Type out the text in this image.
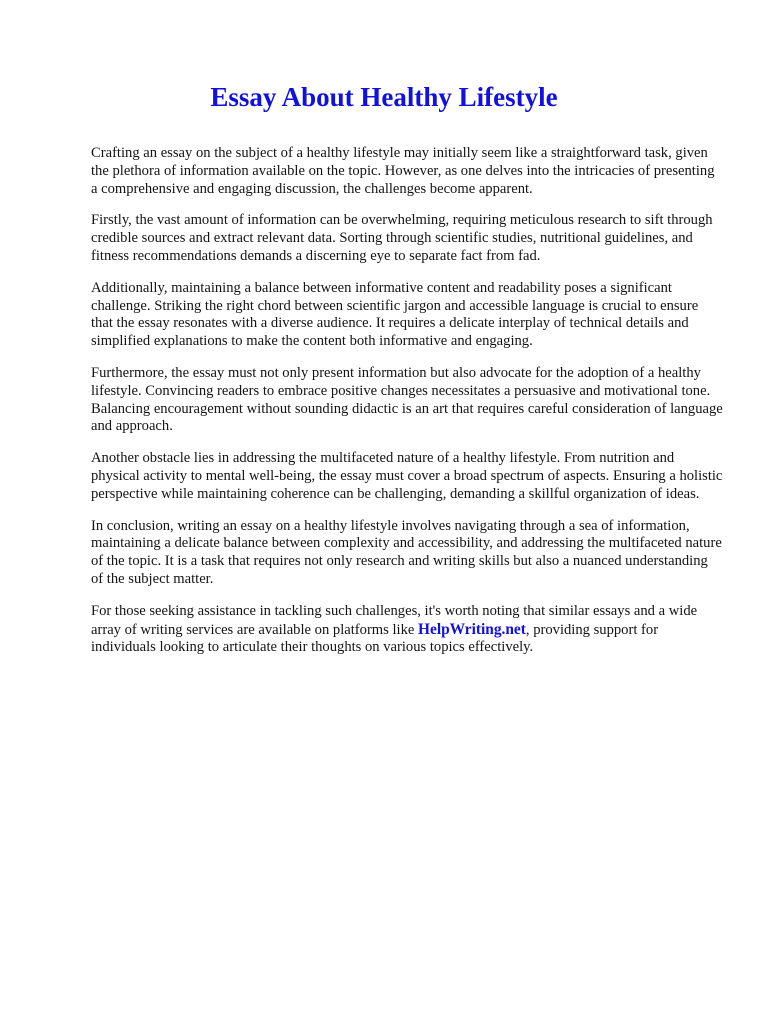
Essay About Healthy Lifestyle

Crafting an essay on the subject of a healthy lifestyle may initially seem like a straightforward task, given the plethora of information available on the topic. However, as one delves into the intricacies of presenting a comprehensive and engaging discussion, the challenges become apparent.

Firstly, the vast amount of information can be overwhelming, requiring meticulous research to sift through credible sources and extract relevant data. Sorting through scientific studies, nutritional guidelines, and fitness recommendations demands a discerning eye to separate fact from fad.

Additionally, maintaining a balance between informative content and readability poses a significant challenge. Striking the right chord between scientific jargon and accessible language is crucial to ensure that the essay resonates with a diverse audience. It requires a delicate interplay of technical details and simplified explanations to make the content both informative and engaging.

Furthermore, the essay must not only present information but also advocate for the adoption of a healthy lifestyle. Convincing readers to embrace positive changes necessitates a persuasive and motivational tone. Balancing encouragement without sounding didactic is an art that requires careful consideration of language and approach.

Another obstacle lies in addressing the multifaceted nature of a healthy lifestyle. From nutrition and physical activity to mental well-being, the essay must cover a broad spectrum of aspects. Ensuring a holistic perspective while maintaining coherence can be challenging, demanding a skillful organization of ideas.

In conclusion, writing an essay on a healthy lifestyle involves navigating through a sea of information, maintaining a delicate balance between complexity and accessibility, and addressing the multifaceted nature of the topic. It is a task that requires not only research and writing skills but also a nuanced understanding of the subject matter.

For those seeking assistance in tackling such challenges, it's worth noting that similar essays and a wide array of writing services are available on platforms like HelpWriting.net, providing support for individuals looking to articulate their thoughts on various topics effectively.
